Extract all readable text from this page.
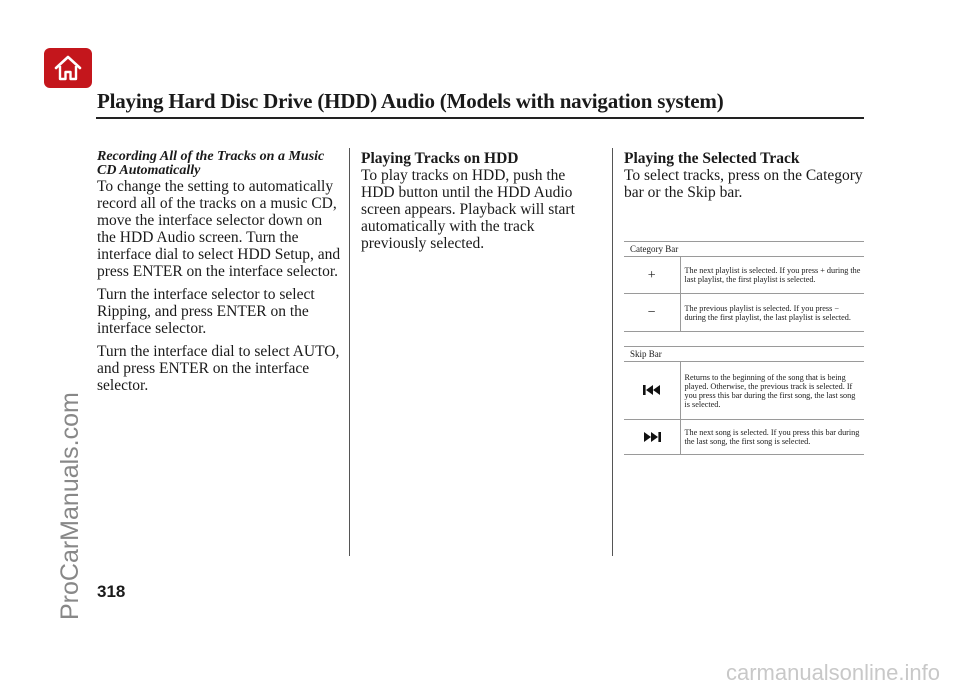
Playing Hard Disc Drive (HDD) Audio (Models with navigation system)
ProCarManuals.com
carmanualsonline.info
Recording All of the Tracks on a Music CD Automatically

To change the setting to automatically record all of the tracks on a music CD, move the interface selector down on the HDD Audio screen. Turn the interface dial to select HDD Setup, and press ENTER on the interface selector.

Turn the interface selector to select Ripping, and press ENTER on the interface selector.

Turn the interface dial to select AUTO, and press ENTER on the interface selector.

Playing Tracks on HDD

To play tracks on HDD, push the HDD button until the HDD Audio screen appears. Playback will start automatically with the track previously selected.

Playing the Selected Track

To select tracks, press on the Category bar or the Skip bar.

Category Bar	
+	The next playlist is selected. If you press + during the last playlist, the first playlist is selected.
−	The previous playlist is selected. If you press − during the first playlist, the last playlist is selected.
Skip Bar	
	Returns to the beginning of the song that is being played. Otherwise, the previous track is selected. If you press this bar during the first song, the last song is selected.
	The next song is selected. If you press this bar during the last song, the first song is selected.
318
